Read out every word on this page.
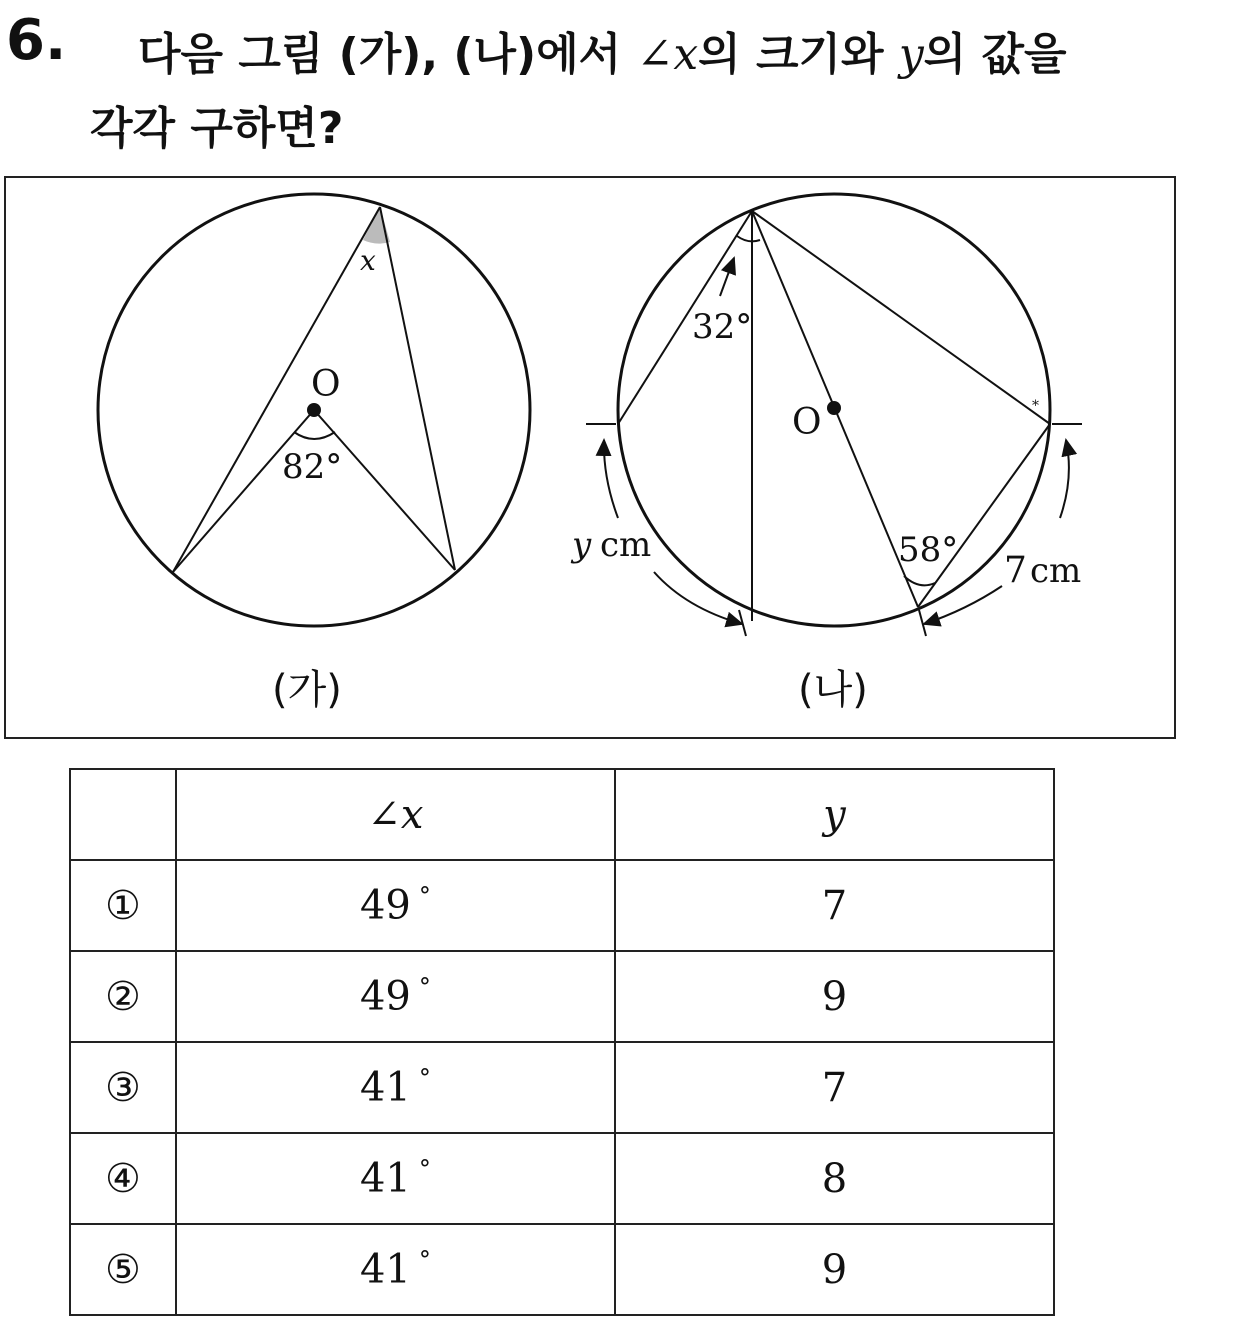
6. 다음 그림 (가), (나)에서 ∠x의 크기와 y의 값을
각각 구하면?
O
82°
x
(가)
O
32°
58°
*
y cm
7 cm
(나)
	∠x	y
①	49 °	7
②	49 °	9
③	41 °	7
④	41 °	8
⑤	41 °	9
